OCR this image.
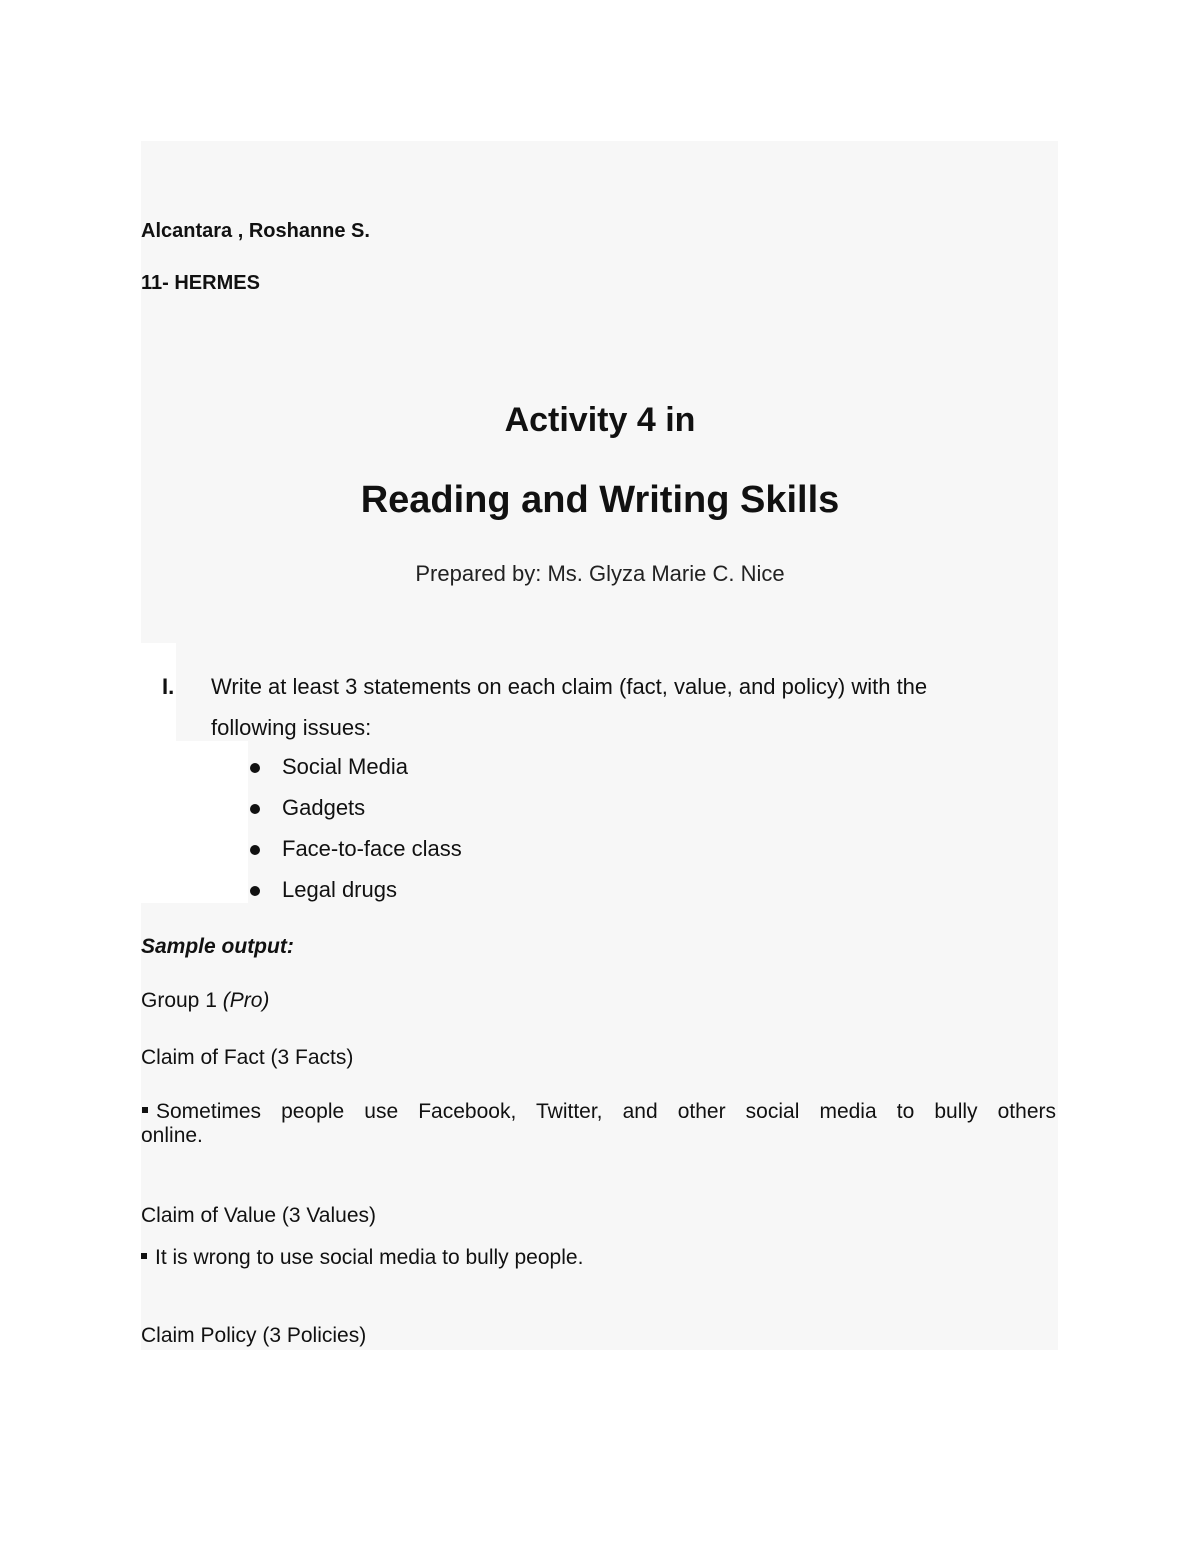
Alcantara , Roshanne S.
11- HERMES
Activity 4 in
Reading and Writing Skills
Prepared by: Ms. Glyza Marie C. Nice
I. Write at least 3 statements on each claim (fact, value, and policy) with the
following issues:
Social Media
Gadgets
Face-to-face class
Legal drugs
Sample output:
Group 1 (Pro)
Claim of Fact (3 Facts)
Sometimes people use Facebook, Twitter, and other social media to bully others
online.
Claim of Value (3 Values)
It is wrong to use social media to bully people.
Claim Policy (3 Policies)
